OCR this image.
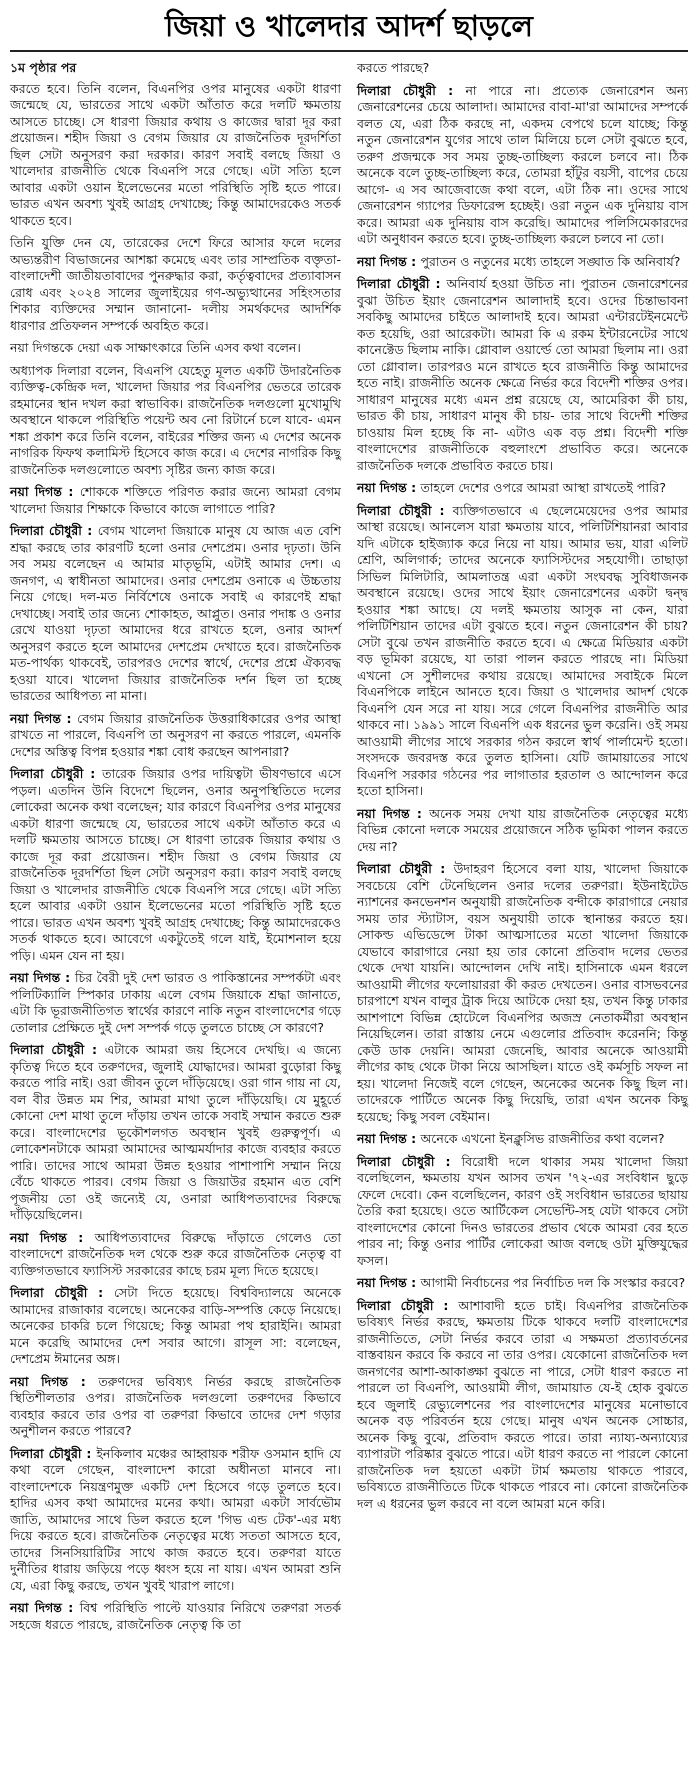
জিয়া ও খালেদার আদর্শ ছাড়লে

১ম পৃষ্ঠার পর

করতে হবে। তিনি বলেন, বিএনপির ওপর মানুষের একটা ধারণা জন্মেছে যে, ভারতের সাথে একটা আঁতাত করে দলটি ক্ষমতায় আসতে চাচ্ছে। সে ধারণা জিয়ার কথায় ও কাজের দ্বারা দূর করা প্রয়োজন। শহীদ জিয়া ও বেগম জিয়ার যে রাজনৈতিক দূরদর্শিতা ছিল সেটা অনুসরণ করা দরকার। কারণ সবাই বলছে জিয়া ও খালেদার রাজনীতি থেকে বিএনপি সরে গেছে। এটা সত্যি হলে আবার একটা ওয়ান ইলেভেনের মতো পরিস্থিতি সৃষ্টি হতে পারে। ভারত এখন অবশ্য খুবই আগ্রহ দেখাচ্ছে; কিন্তু আমাদেরকেও সতর্ক থাকতে হবে।

তিনি যুক্তি দেন যে, তারেকের দেশে ফিরে আসার ফলে দলের অভ্যন্তরীণ বিভাজনের আশঙ্কা কমেছে এবং তার সাম্প্রতিক বক্তৃতা- বাংলাদেশী জাতীয়তাবাদের পুনরুদ্ধার করা, কর্তৃত্ববাদের প্রত্যাবাসন রোধ এবং ২০২৪ সালের জুলাইয়ের গণ-অভ্যুত্থানের সহিংসতার শিকার ব্যক্তিদের সম্মান জানানো- দলীয় সমর্থকদের আদর্শিক ধারণার প্রতিফলন সম্পর্কে অবহিত করে।

নয়া দিগন্তকে দেয়া এক সাক্ষাৎকারে তিনি এসব কথা বলেন।

অধ্যাপক দিলারা বলেন, বিএনপি যেহেতু মূলত একটি উদারনৈতিক ব্যক্তিত্ব-কেন্দ্রিক দল, খালেদা জিয়ার পর বিএনপির ভেতরে তারেক রহমানের স্থান দখল করা স্বাভাবিক। রাজনৈতিক দলগুলো মুখোমুখি অবস্থানে থাকলে পরিস্থিতি পয়েন্ট অব নো রিটার্নে চলে যাবে- এমন শঙ্কা প্রকাশ করে তিনি বলেন, বাইরের শক্তির জন্য এ দেশের অনেক নাগরিক ফিফথ কলামিস্ট হিসেবে কাজ করে। এ দেশের নাগরিক কিছু রাজনৈতিক দলগুলোতে অবশ্য সৃষ্টির জন্য কাজ করে।

নয়া দিগন্ত : শোককে শক্তিতে পরিণত করার জন্যে আমরা বেগম খালেদা জিয়ার শিক্ষাকে কিভাবে কাজে লাগাতে পারি?

দিলারা চৌধুরী : বেগম খালেদা জিয়াকে মানুষ যে আজ এত বেশি শ্রদ্ধা করছে তার কারণটি হলো ওনার দেশপ্রেম। ওনার দৃঢ়তা। উনি সব সময় বলেছেন এ আমার মাতৃভূমি, এটাই আমার দেশ। এ জনগণ, এ স্বাধীনতা আমাদের। ওনার দেশপ্রেম ওনাকে এ উচ্চতায় নিয়ে গেছে। দল-মত নির্বিশেষে ওনাকে সবাই এ কারণেই শ্রদ্ধা দেখাচ্ছে। সবাই তার জন্যে শোকাহত, আপ্লুত। ওনার পদাঙ্ক ও ওনার রেখে যাওয়া দৃঢ়তা আমাদের ধরে রাখতে হলে, ওনার আদর্শ অনুসরণ করতে হলে আমাদের দেশপ্রেম দেখাতে হবে। রাজনৈতিক মত-পার্থক্য থাকবেই, তারপরও দেশের স্বার্থে, দেশের প্রশ্নে ঐক্যবদ্ধ হওয়া যাবে। খালেদা জিয়ার রাজনৈতিক দর্শন ছিল তা হচ্ছে ভারতের আধিপত্য না মানা।

নয়া দিগন্ত : বেগম জিয়ার রাজনৈতিক উত্তরাধিকারের ওপর আস্থা রাখতে না পারলে, বিএনপি তা অনুসরণ না করতে পারলে, এমনকি দেশের অস্তিত্ব বিপন্ন হওয়ার শঙ্কা বোধ করছেন আপনারা?

দিলারা চৌধুরী : তারেক জিয়ার ওপর দায়িত্বটা ভীষণভাবে এসে পড়ল। এতদিন উনি বিদেশে ছিলেন, ওনার অনুপস্থিতিতে দলের লোকেরা অনেক কথা বলেছেন; যার কারণে বিএনপির ওপর মানুষের একটা ধারণা জন্মেছে যে, ভারতের সাথে একটা আঁতাত করে এ দলটি ক্ষমতায় আসতে চাচ্ছে। সে ধারণা তারেক জিয়ার কথায় ও কাজে দূর করা প্রয়োজন। শহীদ জিয়া ও বেগম জিয়ার যে রাজনৈতিক দূরদর্শিতা ছিল সেটা অনুসরণ করা। কারণ সবাই বলছে জিয়া ও খালেদার রাজনীতি থেকে বিএনপি সরে গেছে। এটা সত্যি হলে আবার একটা ওয়ান ইলেভেনের মতো পরিস্থিতি সৃষ্টি হতে পারে। ভারত এখন অবশ্য খুবই আগ্রহ দেখাচ্ছে; কিন্তু আমাদেরকেও সতর্ক থাকতে হবে। আবেগে একটুতেই গলে যাই, ইমোশনাল হয়ে পড়ি। এমন যেন না হয়।

নয়া দিগন্ত : চির বৈরী দুই দেশ ভারত ও পাকিস্তানের সম্পর্কটা এবং পলিটিক্যালি স্পিকার ঢাকায় এলে বেগম জিয়াকে শ্রদ্ধা জানাতে, এটা কি ভূরাজনীতিগত স্বার্থের কারণে নাকি নতুন বাংলাদেশের গড়ে তোলার প্রেক্ষিতে দুই দেশ সম্পর্ক গড়ে তুলতে চাচ্ছে সে কারণে?

দিলারা চৌধুরী : এটাকে আমরা জয় হিসেবে দেখছি। এ জন্যে কৃতিত্ব দিতে হবে তরুণদের, জুলাই যোদ্ধাদের। আমরা বুড়োরা কিছু করতে পারি নাই। ওরা জীবন তুলে দাঁড়িয়েছে। ওরা গান গায় না যে, বল বীর উন্নত মম শির, আমরা মাথা তুলে দাঁড়িয়েছি। যে মুহূর্তে কোনো দেশ মাথা তুলে দাঁড়ায় তখন তাকে সবাই সম্মান করতে শুরু করে। বাংলাদেশের ভূকৌশলগত অবস্থান খুবই গুরুত্বপূর্ণ। এ লোকেশনটাকে আমরা আমাদের আত্মমর্যাদার কাজে ব্যবহার করতে পারি। তাদের সাথে আমরা উন্নত হওয়ার পাশাপাশি সম্মান নিয়ে বেঁচে থাকতে পারব। বেগম জিয়া ও জিয়াউর রহমান এত বেশি পূজনীয় তো ওই জন্যেই যে, ওনারা আধিপত্যবাদের বিরুদ্ধে দাঁড়িয়েছিলেন।

নয়া দিগন্ত : আধিপত্যবাদের বিরুদ্ধে দাঁড়াতে গেলেও তো বাংলাদেশে রাজনৈতিক দল থেকে শুরু করে রাজনৈতিক নেতৃত্ব বা ব্যক্তিগতভাবে ফ্যাসিস্ট সরকারের কাছে চরম মূল্য দিতে হয়েছে।

দিলারা চৌধুরী : সেটা দিতে হয়েছে। বিশ্ববিদ্যালয়ে অনেকে আমাদের রাজাকার বলেছে। অনেকের বাড়ি-সম্পত্তি কেড়ে নিয়েছে। অনেকের চাকরি চলে গিয়েছে; কিন্তু আমরা পথ হারাইনি। আমরা মনে করেছি আমাদের দেশ সবার আগে। রাসূল সা: বলেছেন, দেশপ্রেম ঈমানের অঙ্গ।

নয়া দিগন্ত : তরুণদের ভবিষ্যৎ নির্ভর করছে রাজনৈতিক স্থিতিশীলতার ওপর। রাজনৈতিক দলগুলো তরুণদের কিভাবে ব্যবহার করবে তার ওপর বা তরুণরা কিভাবে তাদের দেশ গড়ার অনুশীলন করতে পারবে?

দিলারা চৌধুরী : ইনকিলাব মঞ্চের আহ্বায়ক শরীফ ওসমান হাদি যে কথা বলে গেছেন, বাংলাদেশ কারো অধীনতা মানবে না। বাংলাদেশকে নিয়ন্ত্রণমুক্ত একটি দেশ হিসেবে গড়ে তুলতে হবে। হাদির এসব কথা আমাদের মনের কথা। আমরা একটা সার্বভৌম জাতি, আমাদের সাথে ডিল করতে হলে 'গিভ এন্ড টেক'-এর মধ্য দিয়ে করতে হবে। রাজনৈতিক নেতৃত্বের মধ্যে সততা আসতে হবে, তাদের সিনসিয়ারিটির সাথে কাজ করতে হবে। তরুণরা যাতে দুর্নীতির ধারায় জড়িয়ে পড়ে ধ্বংস হয়ে না যায়। এখন আমরা শুনি যে, এরা কিছু করছে, তখন খুবই খারাপ লাগে।

নয়া দিগন্ত : বিশ্ব পরিস্থিতি পাল্টে যাওয়ার নিরিখে তরুণরা সতর্ক সহজে ধরতে পারছে, রাজনৈতিক নেতৃত্ব কি তা

করতে পারছে?

দিলারা চৌধুরী : না পারে না। প্রত্যেক জেনারেশন অন্য জেনারেশনের চেয়ে আলাদা। আমাদের বাবা-মা'রা আমাদের সম্পর্কে বলত যে, এরা ঠিক করছে না, একদম বেপথে চলে যাচ্ছে; কিন্তু নতুন জেনারেশন যুগের সাথে তাল মিলিয়ে চলে সেটা বুঝতে হবে, তরুণ প্রজন্মকে সব সময় তুচ্ছ-তাচ্ছিল্য করলে চলবে না। ঠিক অনেকে বলে তুচ্ছ-তাচ্ছিল্য করে, তোমরা হাঁটুর বয়সী, বাপের চেয়ে আগে- এ সব আজেবাজে কথা বলে, এটা ঠিক না। ওদের সাথে জেনারেশন গ্যাপের ডিফারেন্স হচ্ছেই। ওরা নতুন এক দুনিয়ায় বাস করে। আমরা এক দুনিয়ায় বাস করেছি। আমাদের পলিসিমেকারদের এটা অনুধাবন করতে হবে। তুচ্ছ-তাচ্ছিল্য করলে চলবে না তো।

নয়া দিগন্ত : পুরাতন ও নতুনের মধ্যে তাহলে সঙ্ঘাত কি অনিবার্য?

দিলারা চৌধুরী : অনিবার্য হওয়া উচিত না। পুরাতন জেনারেশনের বুঝা উচিত ইয়াং জেনারেশন আলাদাই হবে। ওদের চিন্তাভাবনা সবকিছু আমাদের চাইতে আলাদাই হবে। আমরা এন্টারটেইনমেন্টে কত হয়েছি, ওরা আরেকটা। আমরা কি এ রকম ইন্টারনেটের সাথে কানেক্টেড ছিলাম নাকি। গ্লোবাল ওয়ার্ল্ডে তো আমরা ছিলাম না। ওরা তো গ্লোবাল। তারপরও মনে রাখতে হবে রাজনীতি কিন্তু আমাদের হতে নাই। রাজনীতি অনেক ক্ষেত্রে নির্ভর করে বিদেশী শক্তির ওপর। সাধারণ মানুষের মধ্যে এমন প্রশ্ন রয়েছে যে, আমেরিকা কী চায়, ভারত কী চায়, সাধারণ মানুষ কী চায়- তার সাথে বিদেশী শক্তির চাওয়ায় মিল হচ্ছে কি না- এটাও এক বড় প্রশ্ন। বিদেশী শক্তি বাংলাদেশের রাজনীতিকে বহুলাংশে প্রভাবিত করে। অনেকে রাজনৈতিক দলকে প্রভাবিত করতে চায়।

নয়া দিগন্ত : তাহলে দেশের ওপরে আমরা আস্থা রাখতেই পারি?

দিলারা চৌধুরী : ব্যক্তিগতভাবে এ ছেলেমেয়েদের ওপর আমার আস্থা রয়েছে। আনলেস যারা ক্ষমতায় যাবে, পলিটিশিয়ানরা আবার যদি এটাকে হাইজ্যাক করে নিয়ে না যায়। আমার ভয়, যারা এলিট শ্রেণি, অলিগার্ক; তাদের অনেকে ফ্যাসিস্টদের সহযোগী। তাছাড়া সিভিল মিলিটারি, আমলাতন্ত্র এরা একটা সংঘবদ্ধ সুবিধাজনক অবস্থানে রয়েছে। ওদের সাথে ইয়াং জেনারেশনের একটা দ্বন্দ্ব হওয়ার শঙ্কা আছে। যে দলই ক্ষমতায় আসুক না কেন, যারা পলিটিশিয়ান তাদের এটা বুঝতে হবে। নতুন জেনারেশন কী চায়? সেটা বুঝে তখন রাজনীতি করতে হবে। এ ক্ষেত্রে মিডিয়ার একটা বড় ভূমিকা রয়েছে, যা তারা পালন করতে পারছে না। মিডিয়া এখনো সে সুশীলদের কথায় রয়েছে। আমাদের সবাইকে মিলে বিএনপিকে লাইনে আনতে হবে। জিয়া ও খালেদার আদর্শ থেকে বিএনপি যেন সরে না যায়। সরে গেলে বিএনপির রাজনীতি আর থাকবে না। ১৯৯১ সালে বিএনপি এক ধরনের ভুল করেনি। ওই সময় আওয়ামী লীগের সাথে সরকার গঠন করলে স্বার্থ পার্লামেন্ট হতো। সংসদকে জবরদস্ত করে তুলত হাসিনা। যেটি জামায়াতের সাথে বিএনপি সরকার গঠনের পর লাগাতার হরতাল ও আন্দোলন করে হতো হাসিনা।

নয়া দিগন্ত : অনেক সময় দেখা যায় রাজনৈতিক নেতৃত্বের মধ্যে বিভিন্ন কোনো দলকে সময়ের প্রয়োজনে সঠিক ভূমিকা পালন করতে দেয় না?

দিলারা চৌধুরী : উদাহরণ হিসেবে বলা যায়, খালেদা জিয়াকে সবচেয়ে বেশি টেনেছিলেন ওনার দলের তরুণরা। ইউনাইটেড ন্যাশনের কনভেনশন অনুযায়ী রাজনৈতিক বন্দীকে কারাগারে নেয়ার সময় তার স্ট্যাটাস, বয়স অনুযায়ী তাকে স্থানান্তর করতে হয়। সোকল্ড এভিডেন্সে টাকা আত্মসাতের মতো খালেদা জিয়াকে যেভাবে কারাগারে নেয়া হয় তার কোনো প্রতিবাদ দলের ভেতর থেকে দেখা যায়নি। আন্দোলন দেখি নাই। হাসিনাকে এমন ধরলে আওয়ামী লীগের ফলোয়াররা কী করত দেখতেন। ওনার বাসভবনের চারপাশে যখন বালুর ট্রাক দিয়ে আটকে দেয়া হয়, তখন কিন্তু ঢাকার আশপাশে বিভিন্ন হোটেলে বিএনপির অজস্র নেতাকর্মীরা অবস্থান নিয়েছিলেন। তারা রাস্তায় নেমে এগুলোর প্রতিবাদ করেননি; কিন্তু কেউ ডাক দেয়নি। আমরা জেনেছি, আবার অনেকে আওয়ামী লীগের কাছ থেকে টাকা নিয়ে আসছিল। যাতে ওই কর্মসূচি সফল না হয়। খালেদা নিজেই বলে গেছেন, অনেকের অনেক কিছু ছিল না। তাদেরকে পার্টিতে অনেক কিছু দিয়েছি, তারা এখন অনেক কিছু হয়েছে; কিছু সবল বেইমান।

নয়া দিগন্ত : অনেকে এখনো ইনক্লুসিভ রাজনীতির কথা বলেন?

দিলারা চৌধুরী : বিরোধী দলে থাকার সময় খালেদা জিয়া বলেছিলেন, ক্ষমতায় যখন আসব তখন '৭২-এর সংবিধান ছুড়ে ফেলে দেবো। কেন বলেছিলেন, কারণ ওই সংবিধান ভারতের ছায়ায় তৈরি করা হয়েছে। ওতে আর্টিকেল সেভেন্টি-সহ যেটা থাকবে সেটা বাংলাদেশের কোনো দিনও ভারতের প্রভাব থেকে আমরা বের হতে পারব না; কিন্তু ওনার পার্টির লোকেরা আজ বলছে ওটা মুক্তিযুদ্ধের ফসল।

নয়া দিগন্ত : আগামী নির্বাচনের পর নির্বাচিত দল কি সংস্কার করবে?

দিলারা চৌধুরী : আশাবাদী হতে চাই। বিএনপির রাজনৈতিক ভবিষ্যৎ নির্ভর করছে, ক্ষমতায় টিকে থাকবে দলটি বাংলাদেশের রাজনীতিতে, সেটা নির্ভর করবে তারা এ সক্ষমতা প্রত্যাবর্তনের বাস্তবায়ন করবে কি করবে না তার ওপর। যেকোনো রাজনৈতিক দল জনগণের আশা-আকাঙ্ক্ষা বুঝতে না পারে, সেটা ধারণ করতে না পারলে তা বিএনপি, আওয়ামী লীগ, জামায়াত যে-ই হোক বুঝতে হবে জুলাই রেভ্যুলেশনের পর বাংলাদেশের মানুষের মনোভাবে অনেক বড় পরিবর্তন হয়ে গেছে। মানুষ এখন অনেক সোচ্চার, অনেক কিছু বুঝে, প্রতিবাদ করতে পারে। তারা ন্যায্য-অন্যায্যের ব্যাপারটা পরিষ্কার বুঝতে পারে। এটা ধারণ করতে না পারলে কোনো রাজনৈতিক দল হয়তো একটা টার্ম ক্ষমতায় থাকতে পারবে, ভবিষ্যতে রাজনীতিতে টিকে থাকতে পারবে না। কোনো রাজনৈতিক দল এ ধরনের ভুল করবে না বলে আমরা মনে করি।
